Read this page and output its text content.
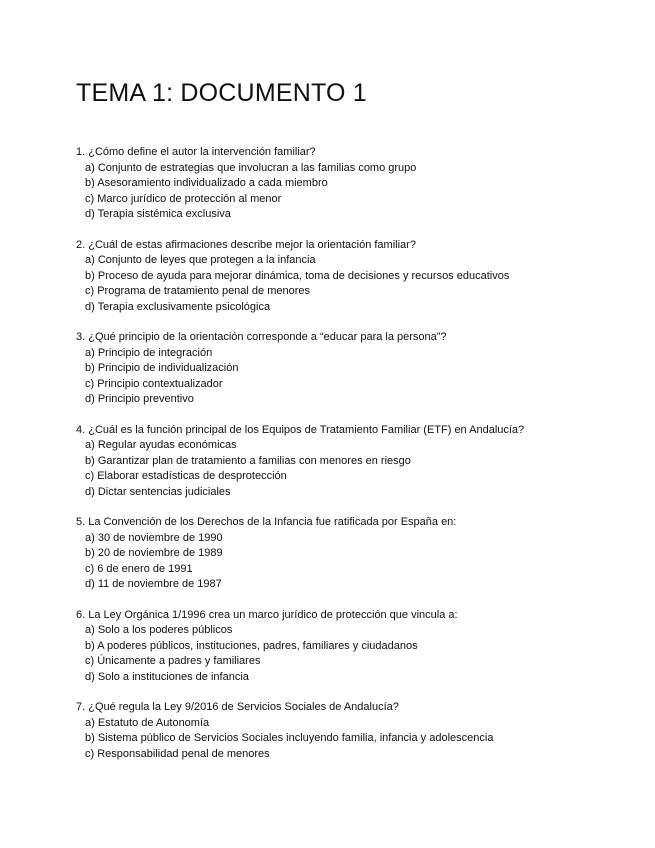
TEMA 1: DOCUMENTO 1
1. ¿Cómo define el autor la intervención familiar?
a) Conjunto de estrategias que involucran a las familias como grupo
b) Asesoramiento individualizado a cada miembro
c) Marco jurídico de protección al menor
d) Terapia sistémica exclusiva
2. ¿Cuál de estas afirmaciones describe mejor la orientación familiar?
a) Conjunto de leyes que protegen a la infancia
b) Proceso de ayuda para mejorar dinámica, toma de decisiones y recursos educativos
c) Programa de tratamiento penal de menores
d) Terapia exclusivamente psicológica
3. ¿Qué principio de la orientación corresponde a “educar para la persona”?
a) Principio de integración
b) Principio de individualización
c) Principio contextualizador
d) Principio preventivo
4. ¿Cuál es la función principal de los Equipos de Tratamiento Familiar (ETF) en Andalucía?
a) Regular ayudas económicas
b) Garantizar plan de tratamiento a familias con menores en riesgo
c) Elaborar estadísticas de desprotección
d) Dictar sentencias judiciales
5. La Convención de los Derechos de la Infancia fue ratificada por España en:
a) 30 de noviembre de 1990
b) 20 de noviembre de 1989
c) 6 de enero de 1991
d) 11 de noviembre de 1987
6. La Ley Orgánica 1/1996 crea un marco jurídico de protección que vincula a:
a) Solo a los poderes públicos
b) A poderes públicos, instituciones, padres, familiares y ciudadanos
c) Únicamente a padres y familiares
d) Solo a instituciones de infancia
7. ¿Qué regula la Ley 9/2016 de Servicios Sociales de Andalucía?
a) Estatuto de Autonomía
b) Sistema público de Servicios Sociales incluyendo familia, infancia y adolescencia
c) Responsabilidad penal de menores
